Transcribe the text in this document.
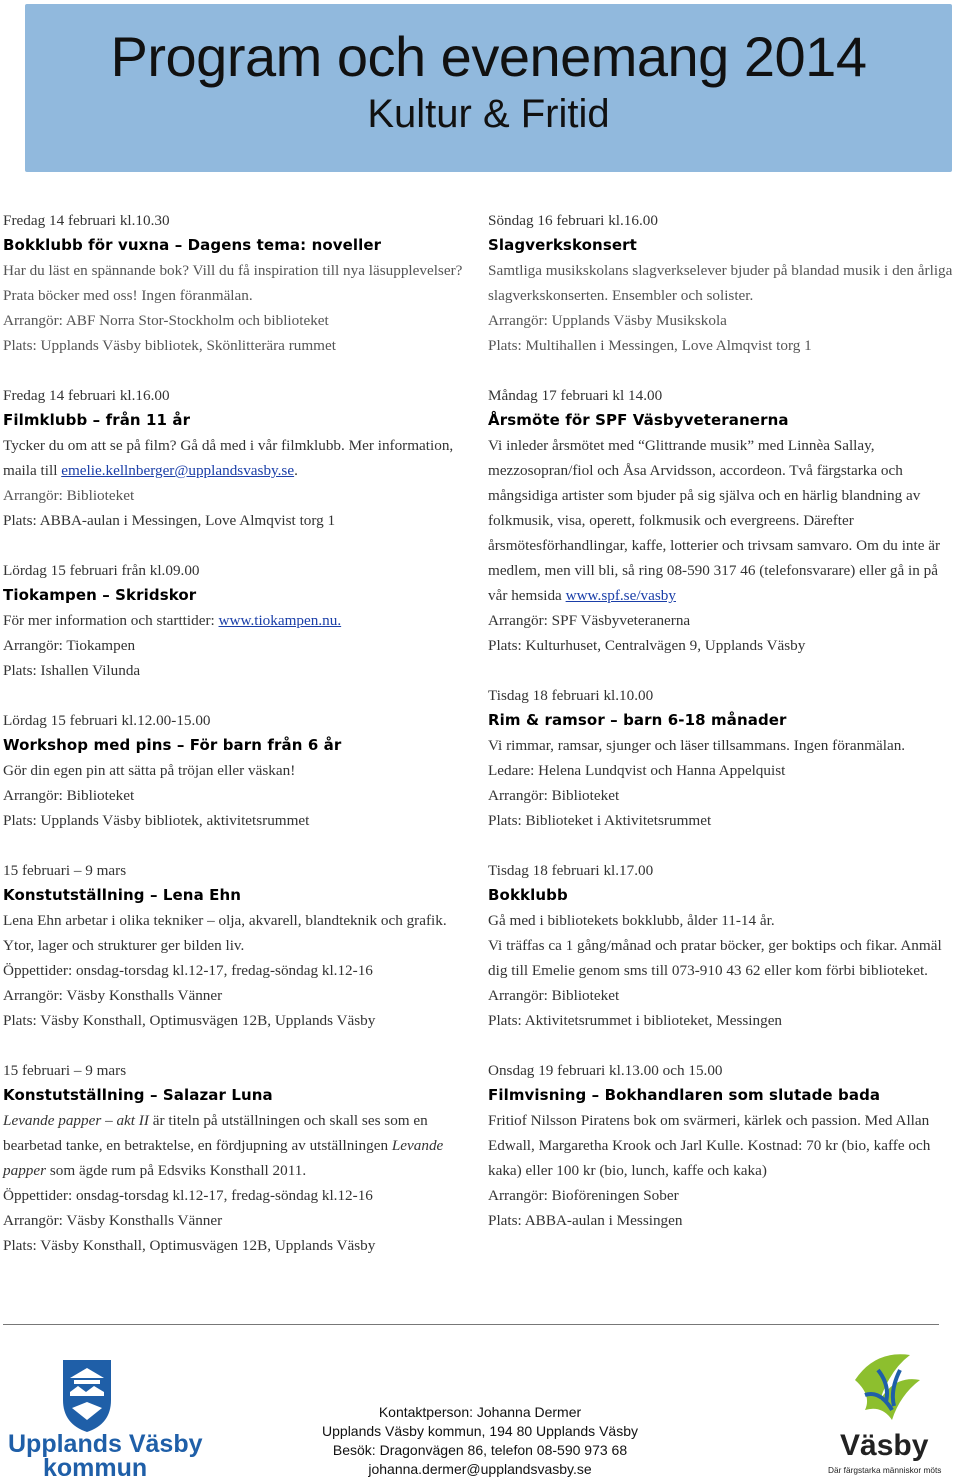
Program och evenemang 2014
Kultur & Fritid

Fredag 14 februari kl.10.30

Bokklubb för vuxna – Dagens tema: noveller

Har du läst en spännande bok? Vill du få inspiration till nya läsupplevelser? Prata böcker med oss! Ingen föranmälan.

Arrangör: ABF Norra Stor-Stockholm och biblioteket

Plats: Upplands Väsby bibliotek, Skönlitterära rummet

Fredag 14 februari kl.16.00

Filmklubb – från 11 år

Tycker du om att se på film? Gå då med i vår filmklubb. Mer information, maila till emelie.kellnberger@upplandsvasby.se.

Arrangör: Biblioteket

Plats: ABBA-aulan i Messingen, Love Almqvist torg 1

Lördag 15 februari från kl.09.00

Tiokampen – Skridskor

För mer information och starttider: www.tiokampen.nu.

Arrangör: Tiokampen

Plats: Ishallen Vilunda

Lördag 15 februari kl.12.00-15.00

Workshop med pins – För barn från 6 år

Gör din egen pin att sätta på tröjan eller väskan!

Arrangör: Biblioteket

Plats: Upplands Väsby bibliotek, aktivitetsrummet

15 februari – 9 mars

Konstutställning – Lena Ehn

Lena Ehn arbetar i olika tekniker – olja, akvarell, blandteknik och grafik. Ytor, lager och strukturer ger bilden liv.

Öppettider: onsdag-torsdag kl.12-17, fredag-söndag kl.12-16

Arrangör: Väsby Konsthalls Vänner

Plats: Väsby Konsthall, Optimusvägen 12B, Upplands Väsby

15 februari – 9 mars

Konstutställning – Salazar Luna

Levande papper – akt II är titeln på utställningen och skall ses som en bearbetad tanke, en betraktelse, en fördjupning av utställningen Levande papper som ägde rum på Edsviks Konsthall 2011.

Öppettider: onsdag-torsdag kl.12-17, fredag-söndag kl.12-16

Arrangör: Väsby Konsthalls Vänner

Plats: Väsby Konsthall, Optimusvägen 12B, Upplands Väsby

Söndag 16 februari kl.16.00

Slagverkskonsert

Samtliga musikskolans slagverkselever bjuder på blandad musik i den årliga slagverkskonserten. Ensembler och solister.

Arrangör: Upplands Väsby Musikskola

Plats: Multihallen i Messingen, Love Almqvist torg 1

Måndag 17 februari kl 14.00

Årsmöte för SPF Väsbyveteranerna

Vi inleder årsmötet med “Glittrande musik” med Linnèa Sallay, mezzosopran/fiol och Åsa Arvidsson, accordeon. Två färgstarka och mångsidiga artister som bjuder på sig själva och en härlig blandning av folkmusik, visa, operett, folkmusik och evergreens. Därefter årsmötesförhandlingar, kaffe, lotterier och trivsam samvaro. Om du inte är medlem, men vill bli, så ring 08-590 317 46 (telefonsvarare) eller gå in på vår hemsida www.spf.se/vasby

Arrangör: SPF Väsbyveteranerna

Plats: Kulturhuset, Centralvägen 9, Upplands Väsby

Tisdag 18 februari kl.10.00

Rim & ramsor – barn 6-18 månader

Vi rimmar, ramsar, sjunger och läser tillsammans. Ingen föranmälan.

Ledare: Helena Lundqvist och Hanna Appelquist

Arrangör: Biblioteket

Plats: Biblioteket i Aktivitetsrummet

Tisdag 18 februari kl.17.00

Bokklubb

Gå med i bibliotekets bokklubb, ålder 11-14 år.

Vi träffas ca 1 gång/månad och pratar böcker, ger boktips och fikar. Anmäl dig till Emelie genom sms till 073-910 43 62 eller kom förbi biblioteket.

Arrangör: Biblioteket

Plats: Aktivitetsrummet i biblioteket, Messingen

Onsdag 19 februari kl.13.00 och 15.00

Filmvisning – Bokhandlaren som slutade bada

Fritiof Nilsson Piratens bok om svärmeri, kärlek och passion. Med Allan Edwall, Margaretha Krook och Jarl Kulle. Kostnad: 70 kr (bio, kaffe och kaka) eller 100 kr (bio, lunch, kaffe och kaka)

Arrangör: Bioföreningen Sober

Plats: ABBA-aulan i Messingen

Upplands Väsby
kommun
Kontaktperson: Johanna Dermer
Upplands Väsby kommun, 194 80 Upplands Väsby
Besök: Dragonvägen 86, telefon 08-590 973 68
johanna.dermer@upplandsvasby.se
Väsby
Där färgstarka människor möts
